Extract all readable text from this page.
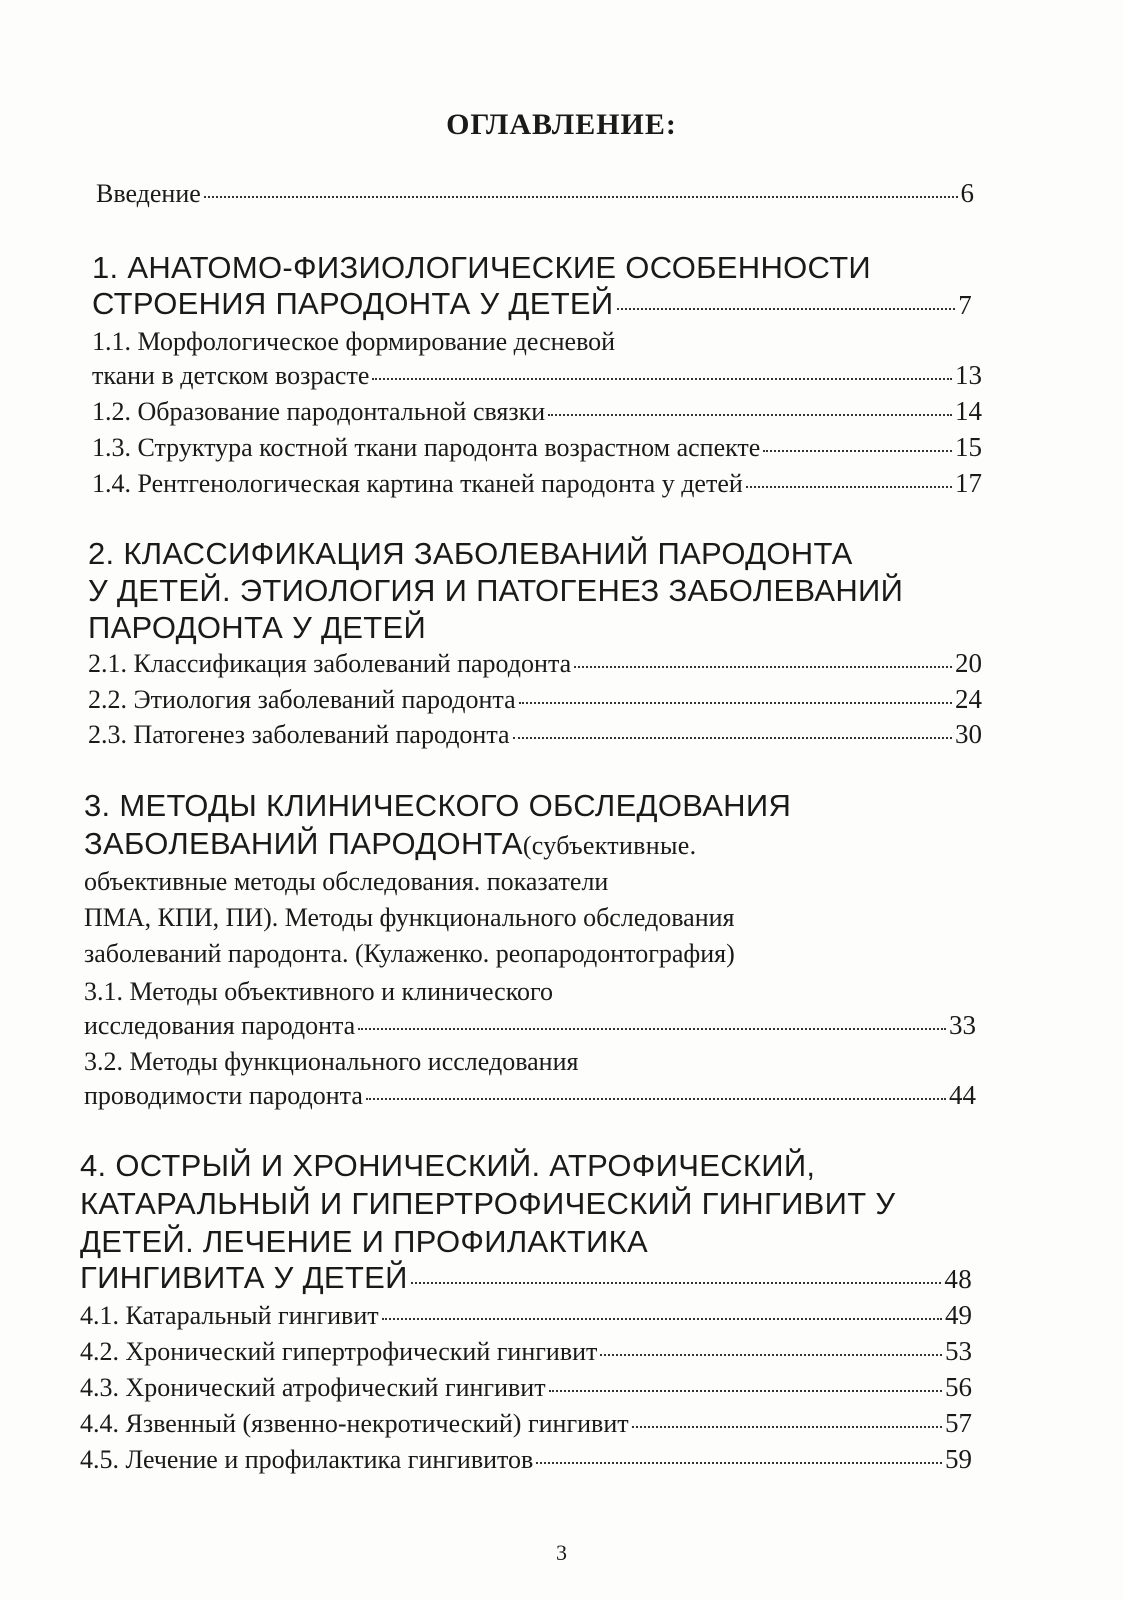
ОГЛАВЛЕНИЕ:
Введение	6
1. АНАТОМО-ФИЗИОЛОГИЧЕСКИЕ ОСОБЕННОСТИ
СТРОЕНИЯ ПАРОДОНТА У ДЕТЕЙ	7
1.1. Морфологическое формирование десневой
ткани в детском возрасте	13
1.2. Образование пародонтальной связки	14
1.3. Структура костной ткани пародонта возрастном аспекте	15
1.4. Рентгенологическая картина тканей пародонта у детей	17
2. КЛАССИФИКАЦИЯ ЗАБОЛЕВАНИЙ ПАРОДОНТА
У ДЕТЕЙ. ЭТИОЛОГИЯ И ПАТОГЕНЕЗ ЗАБОЛЕВАНИЙ
ПАРОДОНТА У ДЕТЕЙ
2.1. Классификация заболеваний пародонта	20
2.2. Этиология заболеваний пародонта	24
2.3. Патогенез заболеваний пародонта	30
3. МЕТОДЫ КЛИНИЧЕСКОГО ОБСЛЕДОВАНИЯ
ЗАБОЛЕВАНИЙ ПАРОДОНТА (субъективные.
объективные методы обследования. показатели
ПМА, КПИ, ПИ). Методы функционального обследования
заболеваний пародонта. (Кулаженко. реопародонтография)
3.1. Методы объективного и клинического
исследования пародонта	33
3.2. Методы функционального исследования
проводимости пародонта	44
4. ОСТРЫЙ И ХРОНИЧЕСКИЙ. АТРОФИЧЕСКИЙ,
КАТАРАЛЬНЫЙ И ГИПЕРТРОФИЧЕСКИЙ ГИНГИВИТ У
ДЕТЕЙ. ЛЕЧЕНИЕ И ПРОФИЛАКТИКА
ГИНГИВИТА У ДЕТЕЙ	48
4.1. Катаральный гингивит	49
4.2. Хронический гипертрофический гингивит	53
4.3. Хронический атрофический гингивит	56
4.4. Язвенный (язвенно-некротический) гингивит	57
4.5. Лечение и профилактика гингивитов	59
3
